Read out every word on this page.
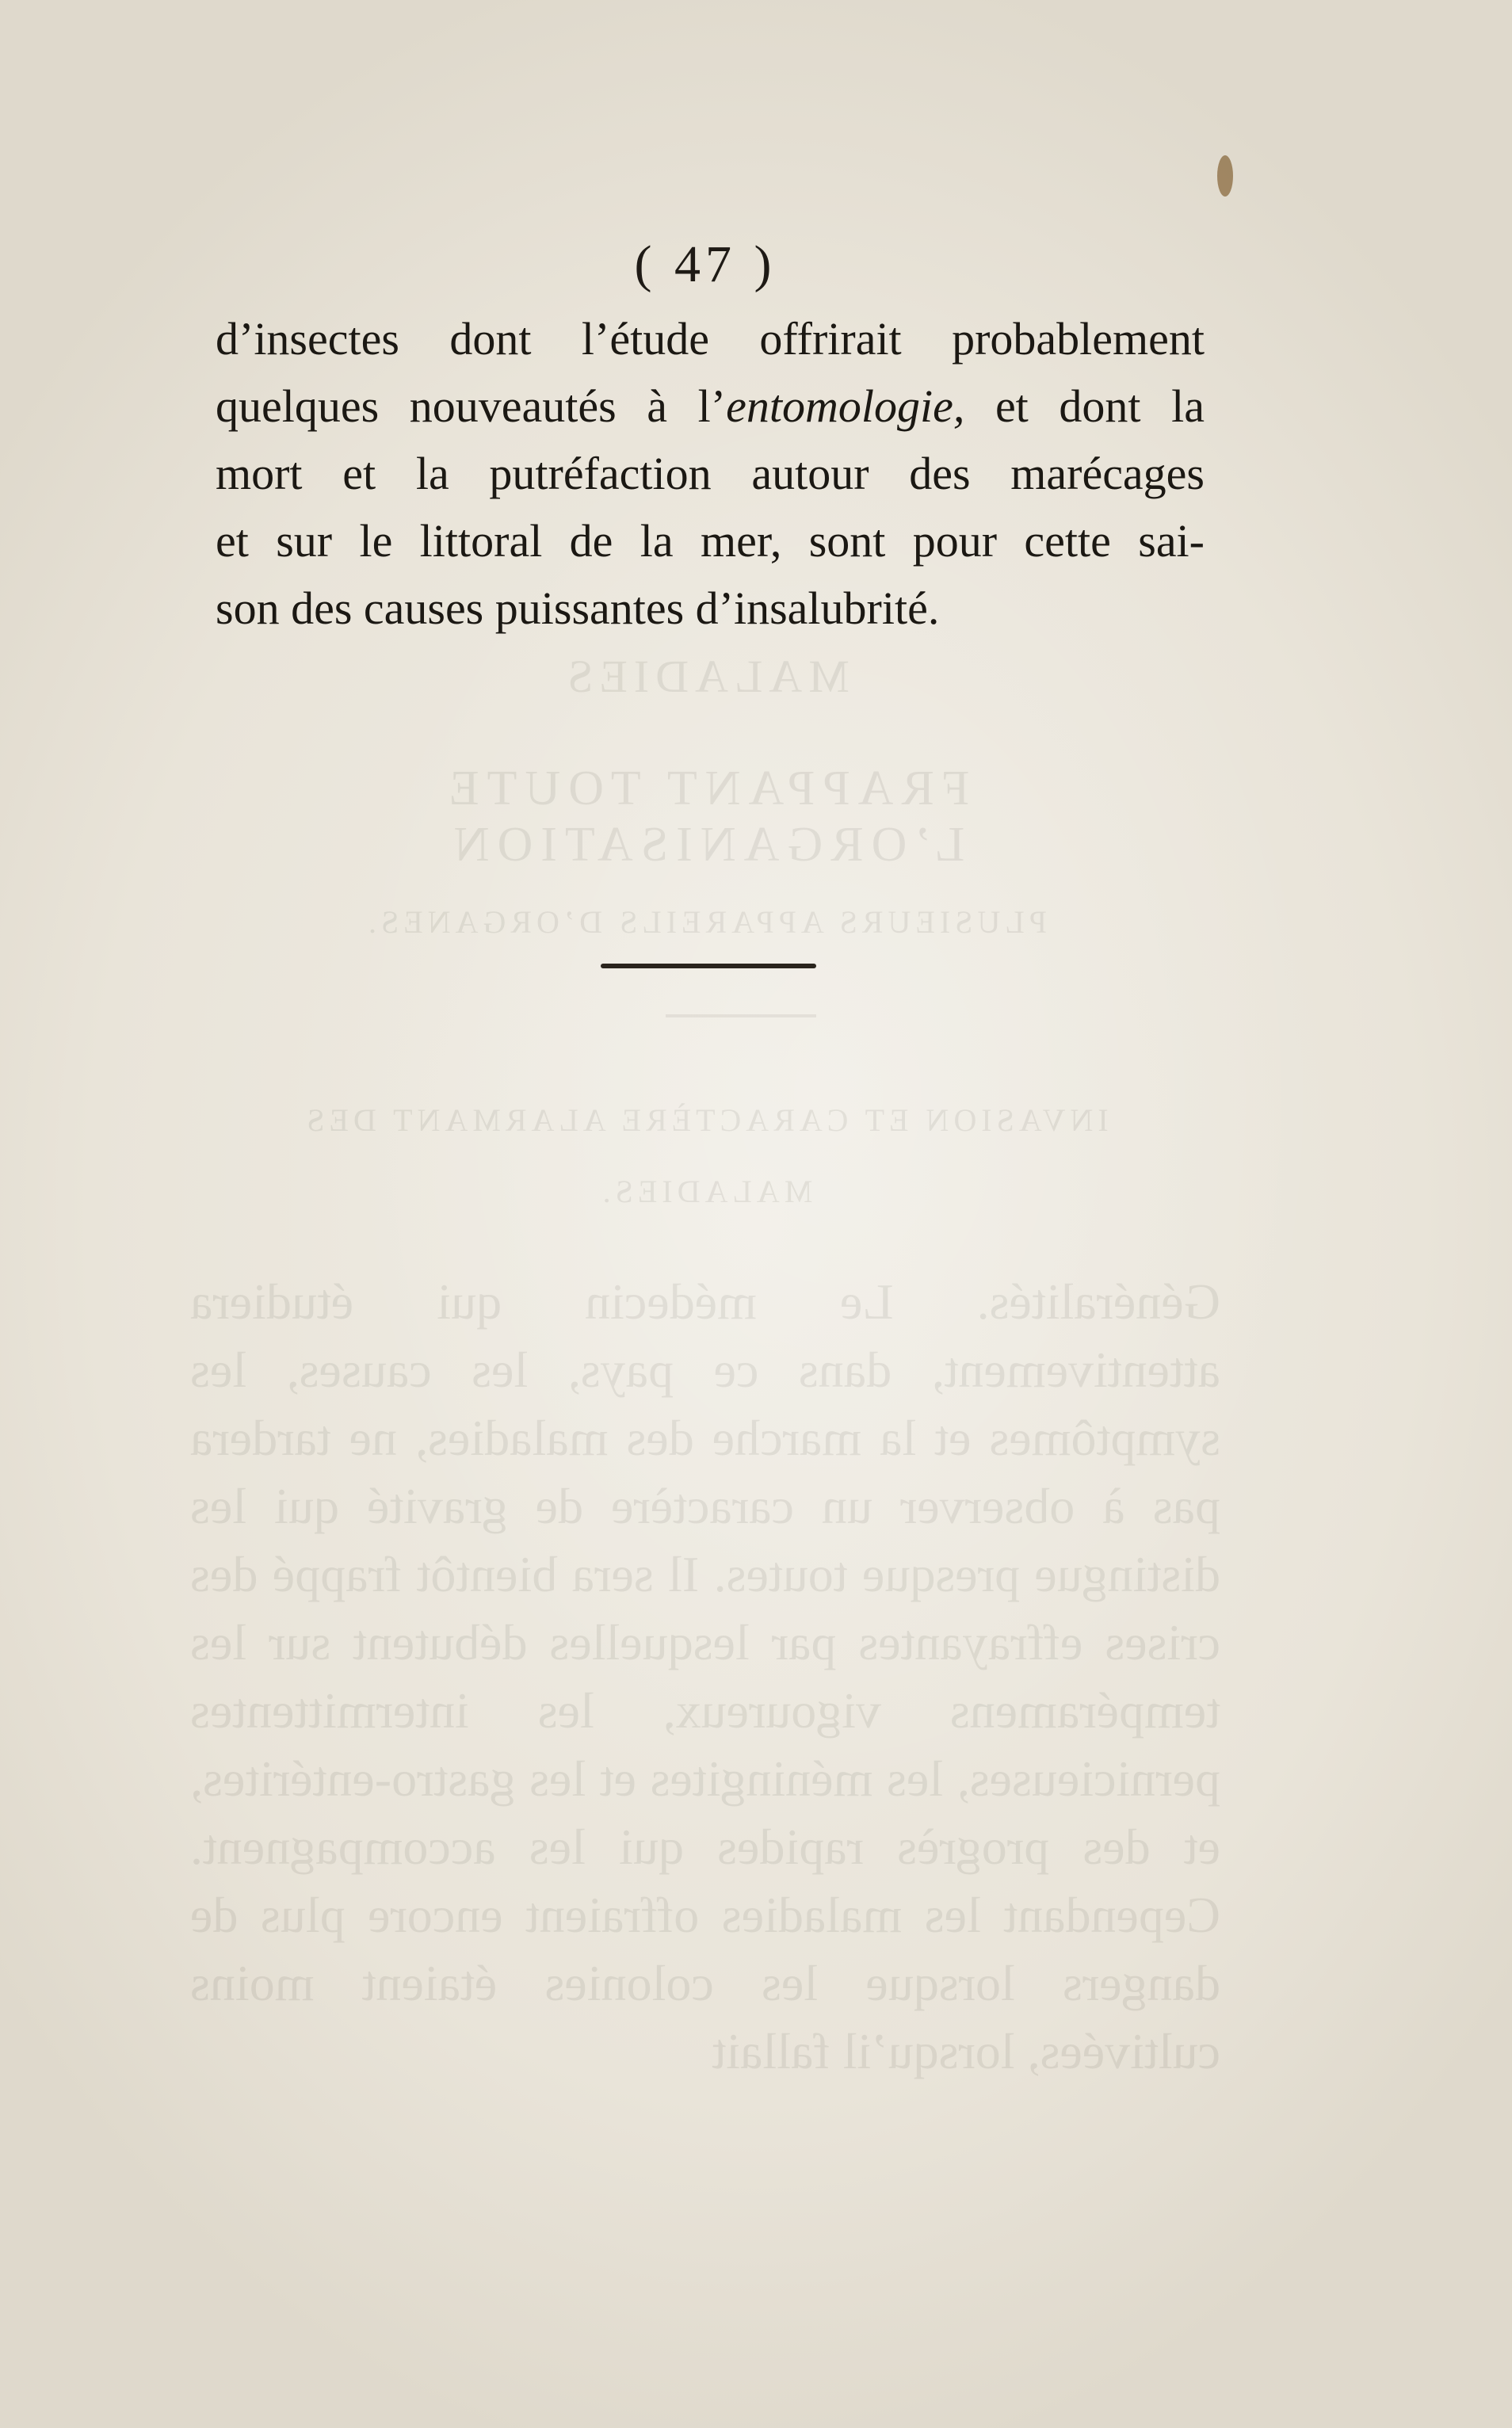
MALADIES
FRAPPANT TOUTE L’ORGANISATION
PLUSIEURS APPAREILS D’ORGANES.
INVASION ET CARACTÈRE ALARMANT DES
MALADIES.
Généralités. Le médecin qui étudiera attentivement, dans ce pays, les causes, les symptômes et la marche des maladies, ne tardera pas à observer un caractère de gravité qui les distingue presque toutes. Il sera bientôt frappé des crises effrayantes par lesquelles débutent sur les tempéramens vigoureux, les intermittentes pernicieuses, les méningites et les gastro-entérites, et des progrès rapides qui les accompagnent. Cependant les maladies offraient encore plus de dangers lorsque les colonies étaient moins cultivées, lorsqu’il fallait
( 47 )
d’insectes dont l’étude offrirait probablement
quelques nouveautés à l’entomologie, et dont la
mort et la putréfaction autour des marécages
et sur le littoral de la mer, sont pour cette sai-
son des causes puissantes d’insalubrité.
